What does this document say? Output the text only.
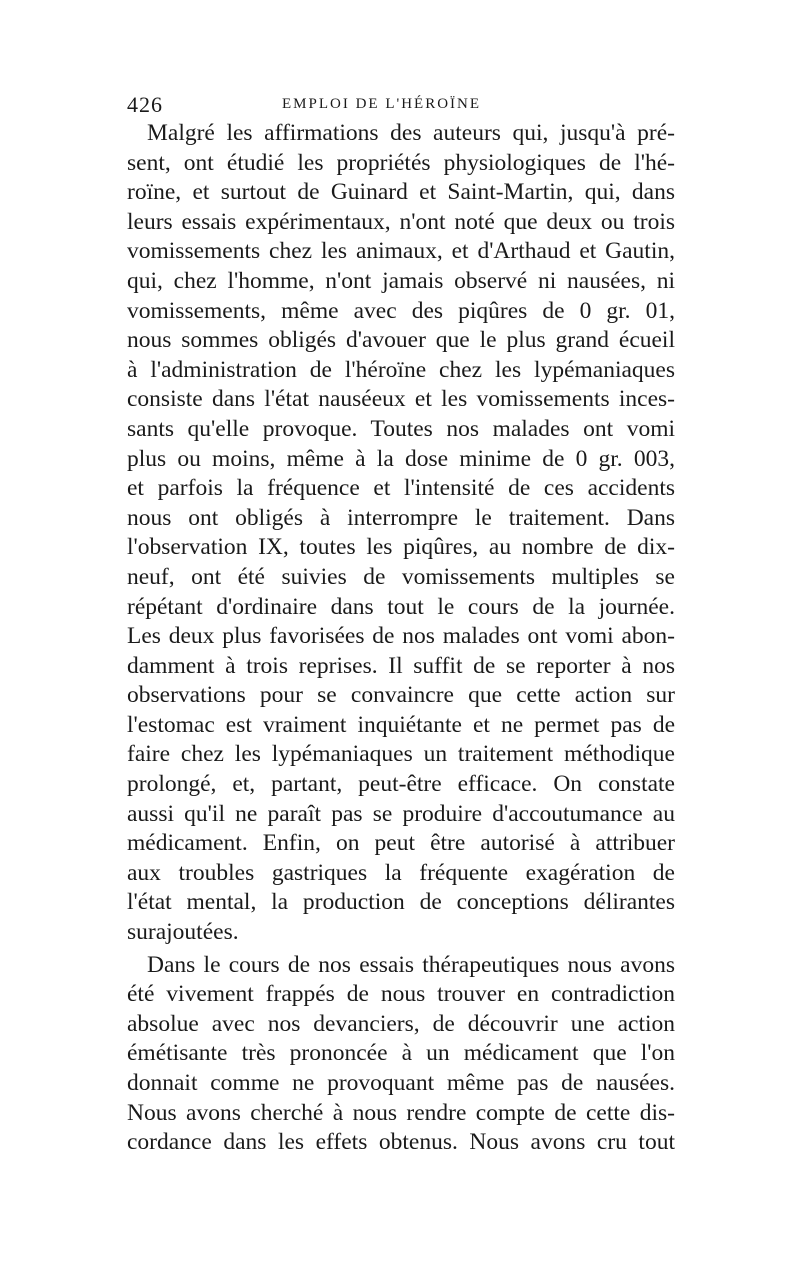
426	EMPLOI DE L'HÉROÏNE
Malgré les affirmations des auteurs qui, jusqu'à pré-
sent, ont étudié les propriétés physiologiques de l'hé-
roïne, et surtout de Guinard et Saint-Martin, qui, dans
leurs essais expérimentaux, n'ont noté que deux ou trois
vomissements chez les animaux, et d'Arthaud et Gautin,
qui, chez l'homme, n'ont jamais observé ni nausées, ni
vomissements, même avec des piqûres de 0 gr. 01,
nous sommes obligés d'avouer que le plus grand écueil
à l'administration de l'héroïne chez les lypémaniaques
consiste dans l'état nauséeux et les vomissements inces-
sants qu'elle provoque. Toutes nos malades ont vomi
plus ou moins, même à la dose minime de 0 gr. 003,
et parfois la fréquence et l'intensité de ces accidents
nous ont obligés à interrompre le traitement. Dans
l'observation IX, toutes les piqûres, au nombre de dix-
neuf, ont été suivies de vomissements multiples se
répétant d'ordinaire dans tout le cours de la journée.
Les deux plus favorisées de nos malades ont vomi abon-
damment à trois reprises. Il suffit de se reporter à nos
observations pour se convaincre que cette action sur
l'estomac est vraiment inquiétante et ne permet pas de
faire chez les lypémaniaques un traitement méthodique
prolongé, et, partant, peut-être efficace. On constate
aussi qu'il ne paraît pas se produire d'accoutumance au
médicament. Enfin, on peut être autorisé à attribuer
aux troubles gastriques la fréquente exagération de
l'état mental, la production de conceptions délirantes
surajoutées.
Dans le cours de nos essais thérapeutiques nous avons
été vivement frappés de nous trouver en contradiction
absolue avec nos devanciers, de découvrir une action
émétisante très prononcée à un médicament que l'on
donnait comme ne provoquant même pas de nausées.
Nous avons cherché à nous rendre compte de cette dis-
cordance dans les effets obtenus. Nous avons cru tout
